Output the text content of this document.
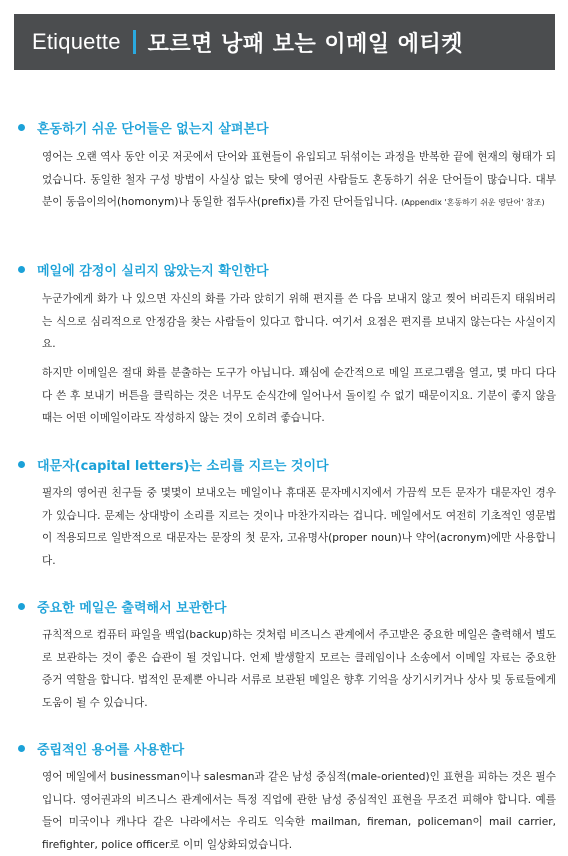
Etiquette 모르면 낭패 보는 이메일 에티켓
혼동하기 쉬운 단어들은 없는지 살펴본다
영어는 오랜 역사 동안 이곳 저곳에서 단어와 표현들이 유입되고 뒤섞이는 과정을 반복한 끝에 현재의 형태가 되었습니다. 동일한 철자 구성 방법이 사실상 없는 탓에 영어권 사람들도 혼동하기 쉬운 단어들이 많습니다. 대부분이 동음이의어(homonym)나 동일한 접두사(prefix)를 가진 단어들입니다. (Appendix '혼동하기 쉬운 영단어' 참조)
메일에 감정이 실리지 않았는지 확인한다
누군가에게 화가 나 있으면 자신의 화를 가라 앉히기 위해 편지를 쓴 다음 보내지 않고 찢어 버리든지 태워버리는 식으로 심리적으로 안정감을 찾는 사람들이 있다고 합니다. 여기서 요점은 편지를 보내지 않는다는 사실이지요.
하지만 이메일은 절대 화를 분출하는 도구가 아닙니다. 꽤심에 순간적으로 메일 프로그램을 열고, 몇 마디 다다다 쓴 후 보내기 버튼을 클릭하는 것은 너무도 순식간에 일어나서 돌이킬 수 없기 때문이지요. 기분이 좋지 않을 때는 어떤 이메일이라도 작성하지 않는 것이 오히려 좋습니다.
대문자(capital letters)는 소리를 지르는 것이다
필자의 영어권 친구들 중 몇몇이 보내오는 메일이나 휴대폰 문자메시지에서 가끔씩 모든 문자가 대문자인 경우가 있습니다. 문제는 상대방이 소리를 지르는 것이나 마찬가지라는 겁니다. 메일에서도 여전히 기초적인 영문법이 적용되므로 일반적으로 대문자는 문장의 첫 문자, 고유명사(proper noun)나 약어(acronym)에만 사용합니다.
중요한 메일은 출력해서 보관한다
규칙적으로 컴퓨터 파일을 백업(backup)하는 것처럼 비즈니스 관계에서 주고받은 중요한 메일은 출력해서 별도로 보관하는 것이 좋은 습관이 될 것입니다. 언제 발생할지 모르는 클레임이나 소송에서 이메일 자료는 중요한 증거 역할을 합니다. 법적인 문제뿐 아니라 서류로 보관된 메일은 향후 기억을 상기시키거나 상사 및 동료들에게 도움이 될 수 있습니다.
중립적인 용어를 사용한다
영어 메일에서 businessman이나 salesman과 같은 남성 중심적(male-oriented)인 표현을 피하는 것은 필수입니다. 영어권과의 비즈니스 관계에서는 특정 직업에 관한 남성 중심적인 표현을 무조건 피해야 합니다. 예를 들어 미국이나 캐나다 같은 나라에서는 우리도 익숙한 mailman, fireman, policeman이 mail carrier, firefighter, police officer로 이미 일상화되었습니다.
